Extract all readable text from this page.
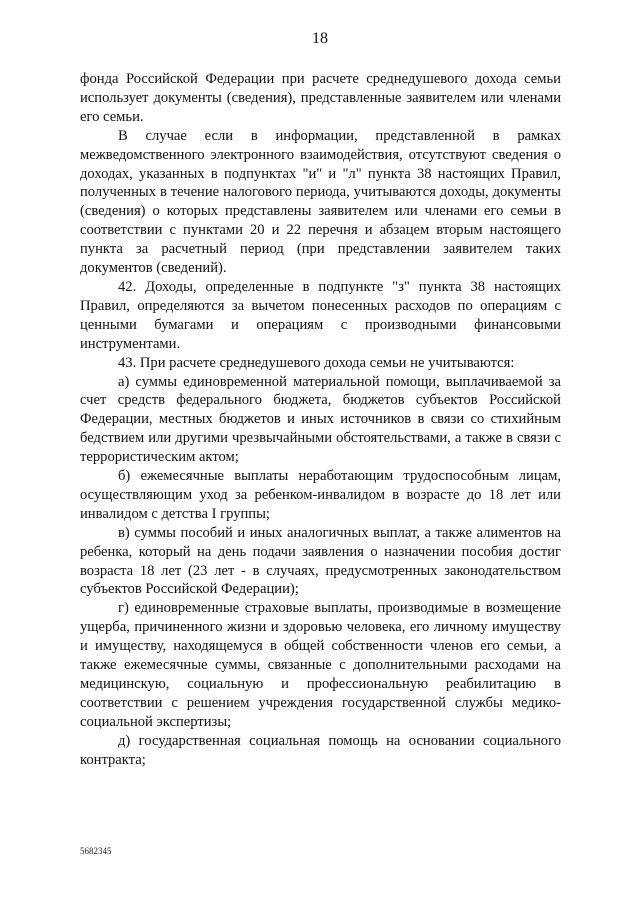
18

фонда Российской Федерации при расчете среднедушевого дохода семьи использует документы (сведения), представленные заявителем или членами его семьи.

В случае если в информации, представленной в рамках межведомственного электронного взаимодействия, отсутствуют сведения о доходах, указанных в подпунктах "и" и "л" пункта 38 настоящих Правил, полученных в течение налогового периода, учитываются доходы, документы (сведения) о которых представлены заявителем или членами его семьи в соответствии с пунктами 20 и 22 перечня и абзацем вторым настоящего пункта за расчетный период (при представлении заявителем таких документов (сведений).

42. Доходы, определенные в подпункте "з" пункта 38 настоящих Правил, определяются за вычетом понесенных расходов по операциям с ценными бумагами и операциям с производными финансовыми инструментами.

43. При расчете среднедушевого дохода семьи не учитываются:

а) суммы единовременной материальной помощи, выплачиваемой за счет средств федерального бюджета, бюджетов субъектов Российской Федерации, местных бюджетов и иных источников в связи со стихийным бедствием или другими чрезвычайными обстоятельствами, а также в связи с террористическим актом;

б) ежемесячные выплаты неработающим трудоспособным лицам, осуществляющим уход за ребенком-инвалидом в возрасте до 18 лет или инвалидом с детства I группы;

в) суммы пособий и иных аналогичных выплат, а также алиментов на ребенка, который на день подачи заявления о назначении пособия достиг возраста 18 лет (23 лет - в случаях, предусмотренных законодательством субъектов Российской Федерации);

г) единовременные страховые выплаты, производимые в возмещение ущерба, причиненного жизни и здоровью человека, его личному имуществу и имуществу, находящемуся в общей собственности членов его семьи, а также ежемесячные суммы, связанные с дополнительными расходами на медицинскую, социальную и профессиональную реабилитацию в соответствии с решением учреждения государственной службы медико-социальной экспертизы;

д) государственная социальная помощь на основании социального контракта;

5682345
